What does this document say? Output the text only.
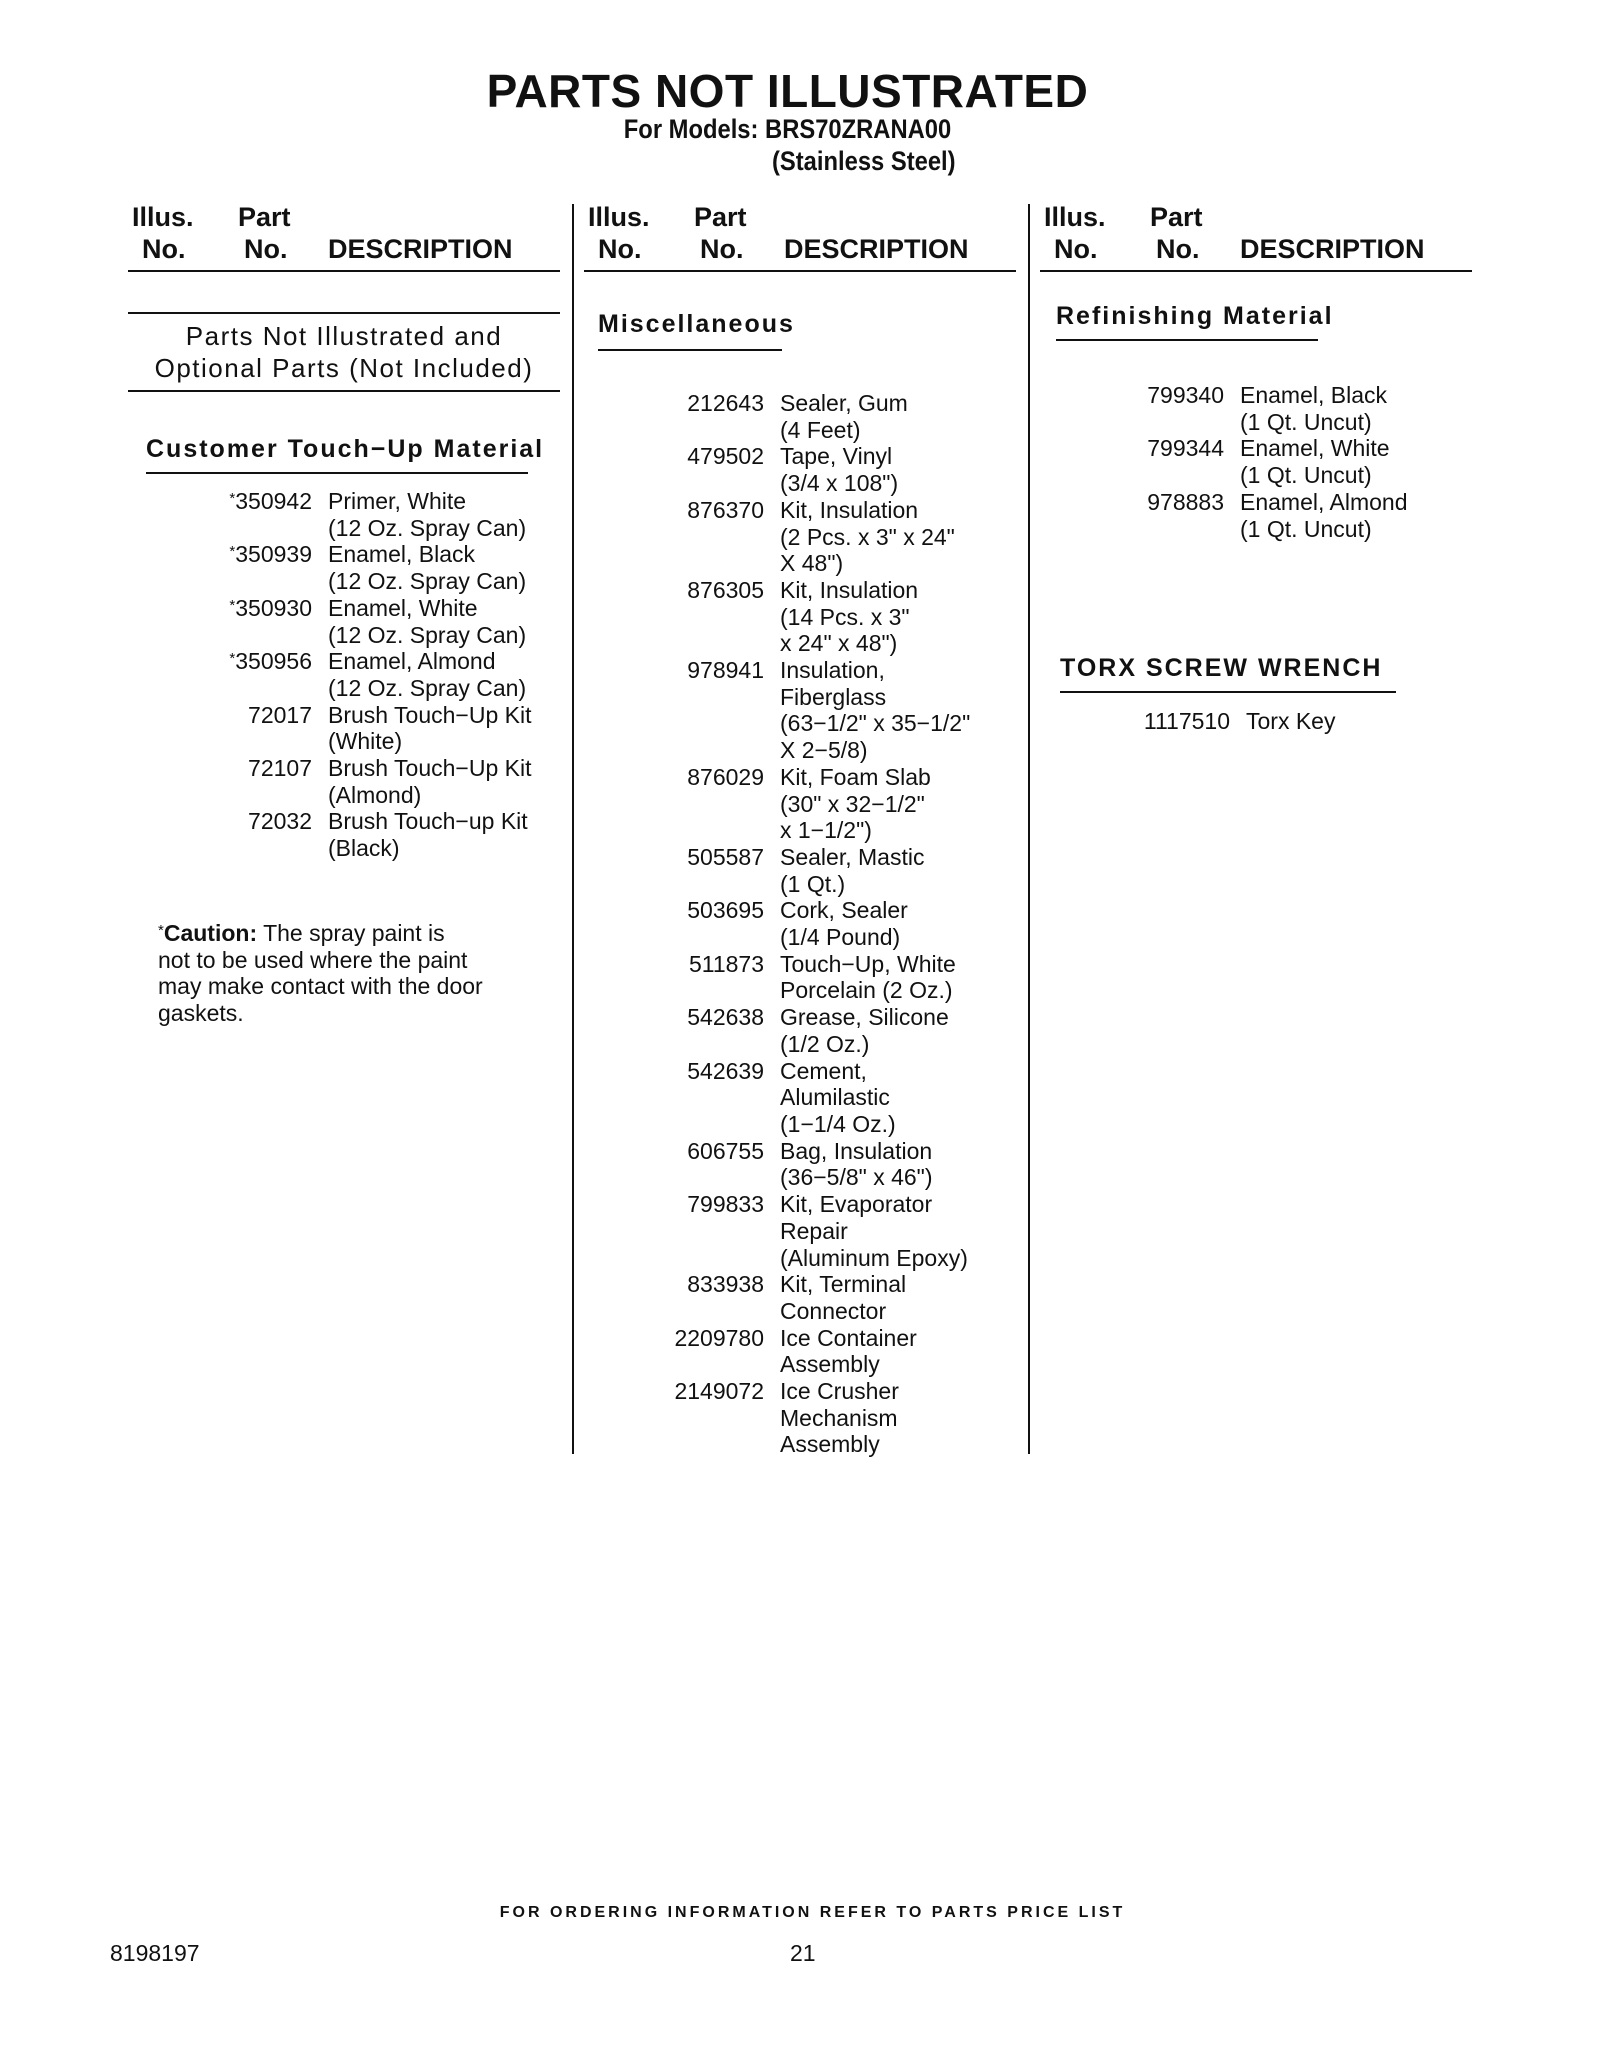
PARTS NOT ILLUSTRATED
For Models: BRS70ZRANA00
(Stainless Steel)
Illus.
No.
Part
No. DESCRIPTION
Illus.
No.
Part
No. DESCRIPTION
Illus.
No.
Part
No. DESCRIPTION
Parts Not Illustrated and
Optional Parts (Not Included)
Customer Touch−Up Material
*350942 Primer, White
(12 Oz. Spray Can)
*350939 Enamel, Black
(12 Oz. Spray Can)
*350930 Enamel, White
(12 Oz. Spray Can)
*350956 Enamel, Almond
(12 Oz. Spray Can)
72017 Brush Touch−Up Kit
(White)
72107 Brush Touch−Up Kit
(Almond)
72032 Brush Touch−up Kit
(Black)
*Caution: The spray paint is
not to be used where the paint
may make contact with the door
gaskets.
Miscellaneous
212643 Sealer, Gum
(4 Feet)
479502 Tape, Vinyl
(3/4 x 108")
876370 Kit, Insulation
(2 Pcs. x 3" x 24"
X 48")
876305 Kit, Insulation
(14 Pcs. x 3"
x 24" x 48")
978941 Insulation,
Fiberglass
(63−1/2" x 35−1/2"
X 2−5/8)
876029 Kit, Foam Slab
(30" x 32−1/2"
x 1−1/2")
505587 Sealer, Mastic
(1 Qt.)
503695 Cork, Sealer
(1/4 Pound)
511873 Touch−Up, White
Porcelain (2 Oz.)
542638 Grease, Silicone
(1/2 Oz.)
542639 Cement,
Alumilastic
(1−1/4 Oz.)
606755 Bag, Insulation
(36−5/8" x 46")
799833 Kit, Evaporator
Repair
(Aluminum Epoxy)
833938 Kit, Terminal
Connector
2209780 Ice Container
Assembly
2149072 Ice Crusher
Mechanism
Assembly
Refinishing Material
799340 Enamel, Black
(1 Qt. Uncut)
799344 Enamel, White
(1 Qt. Uncut)
978883 Enamel, Almond
(1 Qt. Uncut)
TORX SCREW WRENCH
1117510 Torx Key
FOR ORDERING INFORMATION REFER TO PARTS PRICE LIST
8198197	21
